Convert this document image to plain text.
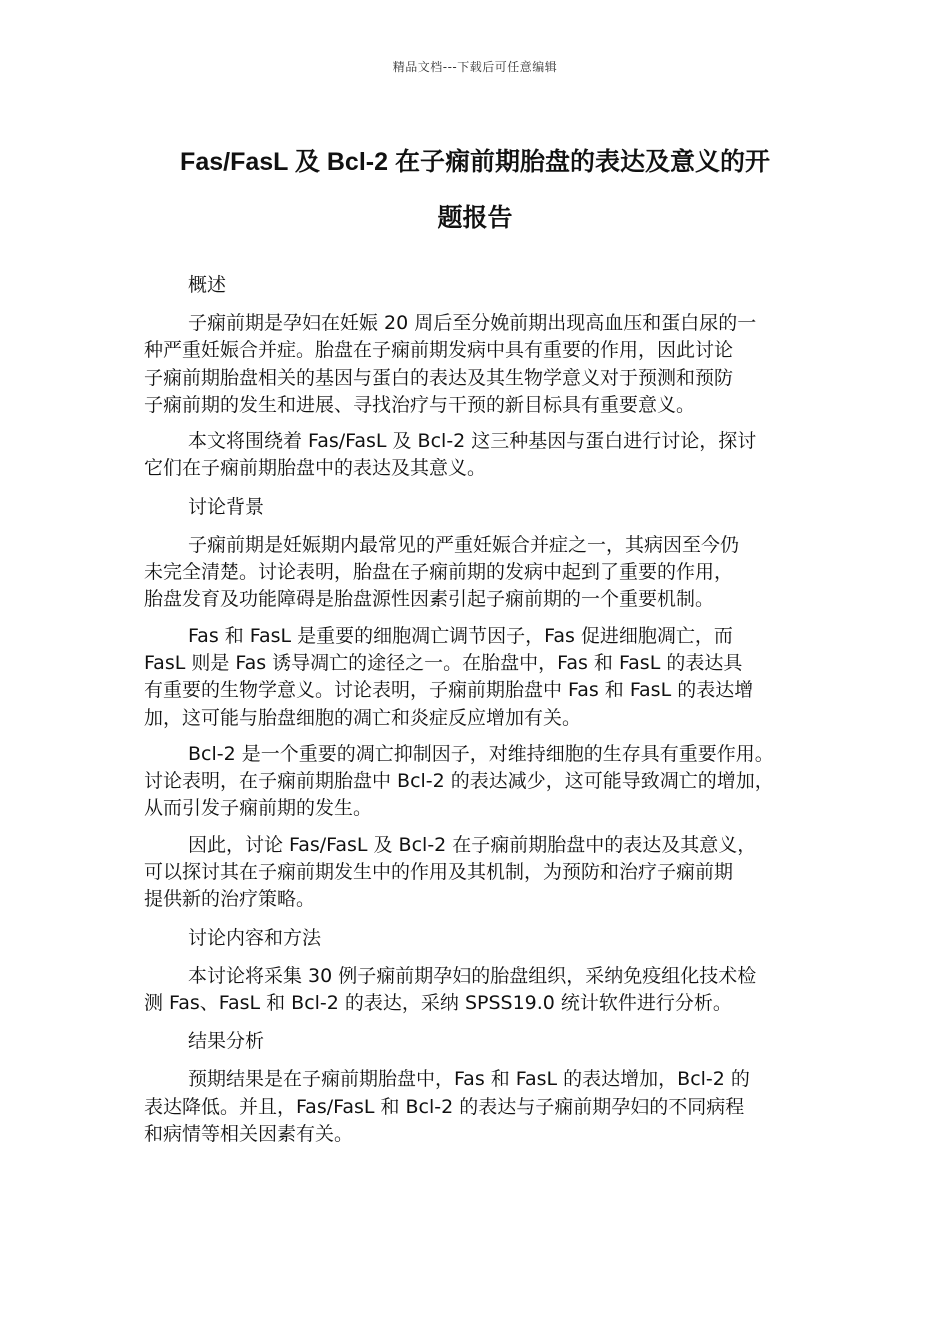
精品文档---下载后可任意编辑
Fas/FasL 及 Bcl-2 在子痫前期胎盘的表达及意义的开
题报告

概述

子痫前期是孕妇在妊娠 20 周后至分娩前期出现高血压和蛋白尿的一
种严重妊娠合并症。胎盘在子痫前期发病中具有重要的作用，因此讨论
子痫前期胎盘相关的基因与蛋白的表达及其生物学意义对于预测和预防
子痫前期的发生和进展、寻找治疗与干预的新目标具有重要意义。

本文将围绕着 Fas/FasL 及 Bcl-2 这三种基因与蛋白进行讨论，探讨
它们在子痫前期胎盘中的表达及其意义。

讨论背景

子痫前期是妊娠期内最常见的严重妊娠合并症之一，其病因至今仍
未完全清楚。讨论表明，胎盘在子痫前期的发病中起到了重要的作用，
胎盘发育及功能障碍是胎盘源性因素引起子痫前期的一个重要机制。

Fas 和 FasL 是重要的细胞凋亡调节因子，Fas 促进细胞凋亡，而
FasL 则是 Fas 诱导凋亡的途径之一。在胎盘中，Fas 和 FasL 的表达具
有重要的生物学意义。讨论表明，子痫前期胎盘中 Fas 和 FasL 的表达增
加，这可能与胎盘细胞的凋亡和炎症反应增加有关。

Bcl-2 是一个重要的凋亡抑制因子，对维持细胞的生存具有重要作用。
讨论表明，在子痫前期胎盘中 Bcl-2 的表达减少，这可能导致凋亡的增加，
从而引发子痫前期的发生。

因此，讨论 Fas/FasL 及 Bcl-2 在子痫前期胎盘中的表达及其意义，
可以探讨其在子痫前期发生中的作用及其机制，为预防和治疗子痫前期
提供新的治疗策略。

讨论内容和方法

本讨论将采集 30 例子痫前期孕妇的胎盘组织，采纳免疫组化技术检
测 Fas、FasL 和 Bcl-2 的表达，采纳 SPSS19.0 统计软件进行分析。

结果分析

预期结果是在子痫前期胎盘中，Fas 和 FasL 的表达增加，Bcl-2 的
表达降低。并且，Fas/FasL 和 Bcl-2 的表达与子痫前期孕妇的不同病程
和病情等相关因素有关。
